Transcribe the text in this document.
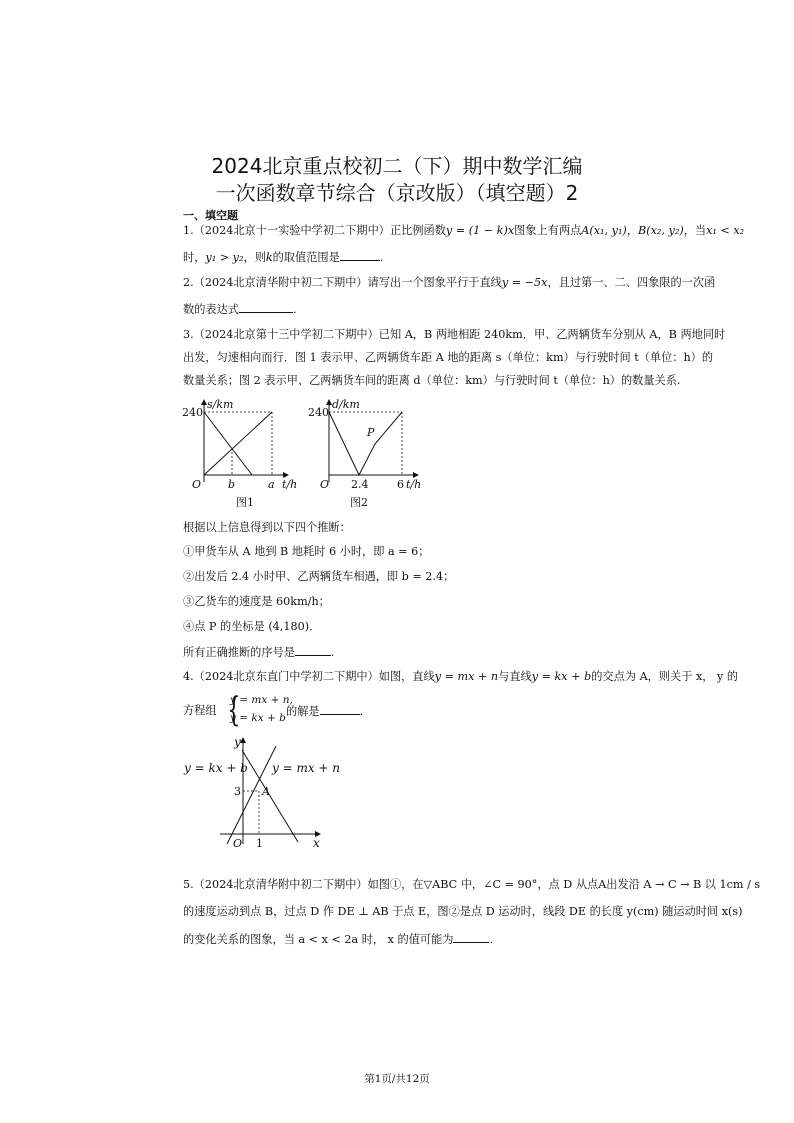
2024北京重点校初二（下）期中数学汇编
一次函数章节综合（京改版）（填空题）2
一、填空题
1.（2024北京十一实验中学初二下期中）正比例函数y = (1 − k)x图象上有两点A(x₁, y₁)，B(x₂, y₂)，当x₁ < x₂
时，y₁ > y₂，则k的取值范围是	.
2.（2024北京清华附中初二下期中）请写出一个图象平行于直线y = −5x，且过第一、二、四象限的一次函
数的表达式	.
3.（2024北京第十三中学初二下期中）已知 A，B 两地相距 240km．甲、乙两辆货车分别从 A，B 两地同时
出发，匀速相向而行．图 1 表示甲、乙两辆货车距 A 地的距离 s（单位：km）与行驶时间 t（单位：h）的
数量关系；图 2 表示甲、乙两辆货车间的距离 d（单位：km）与行驶时间 t（单位：h）的数量关系.
s/km
240
O b	a t/h
图1
d/km
240
O 2.4	6 t/h
P
图2
根据以上信息得到以下四个推断：
①甲货车从 A 地到 B 地耗时 6 小时，即 a = 6；
②出发后 2.4 小时甲、乙两辆货车相遇，即 b = 2.4；
③乙货车的速度是 60km/h；
④点 P 的坐标是 (4,180)．
所有正确推断的序号是	.
4.（2024北京东直门中学初二下期中）如图，直线y = mx + n与直线y = kx + b的交点为 A，则关于 x， y 的
方程组 {
y = mx + n,
y = kx + b 的解是	.
y = kx + b y = mx + n
y
x
3 A
O 1
5.（2024北京清华附中初二下期中）如图①，在▽ABC 中，∠C = 90°，点 D 从点A出发沿 A → C → B 以 1cm / s
的速度运动到点 B，过点 D 作 DE ⊥ AB 于点 E，图②是点 D 运动时，线段 DE 的长度 y(cm) 随运动时间 x(s)
的变化关系的图象，当 a < x < 2a 时， x 的值可能为	.
第1页/共12页
